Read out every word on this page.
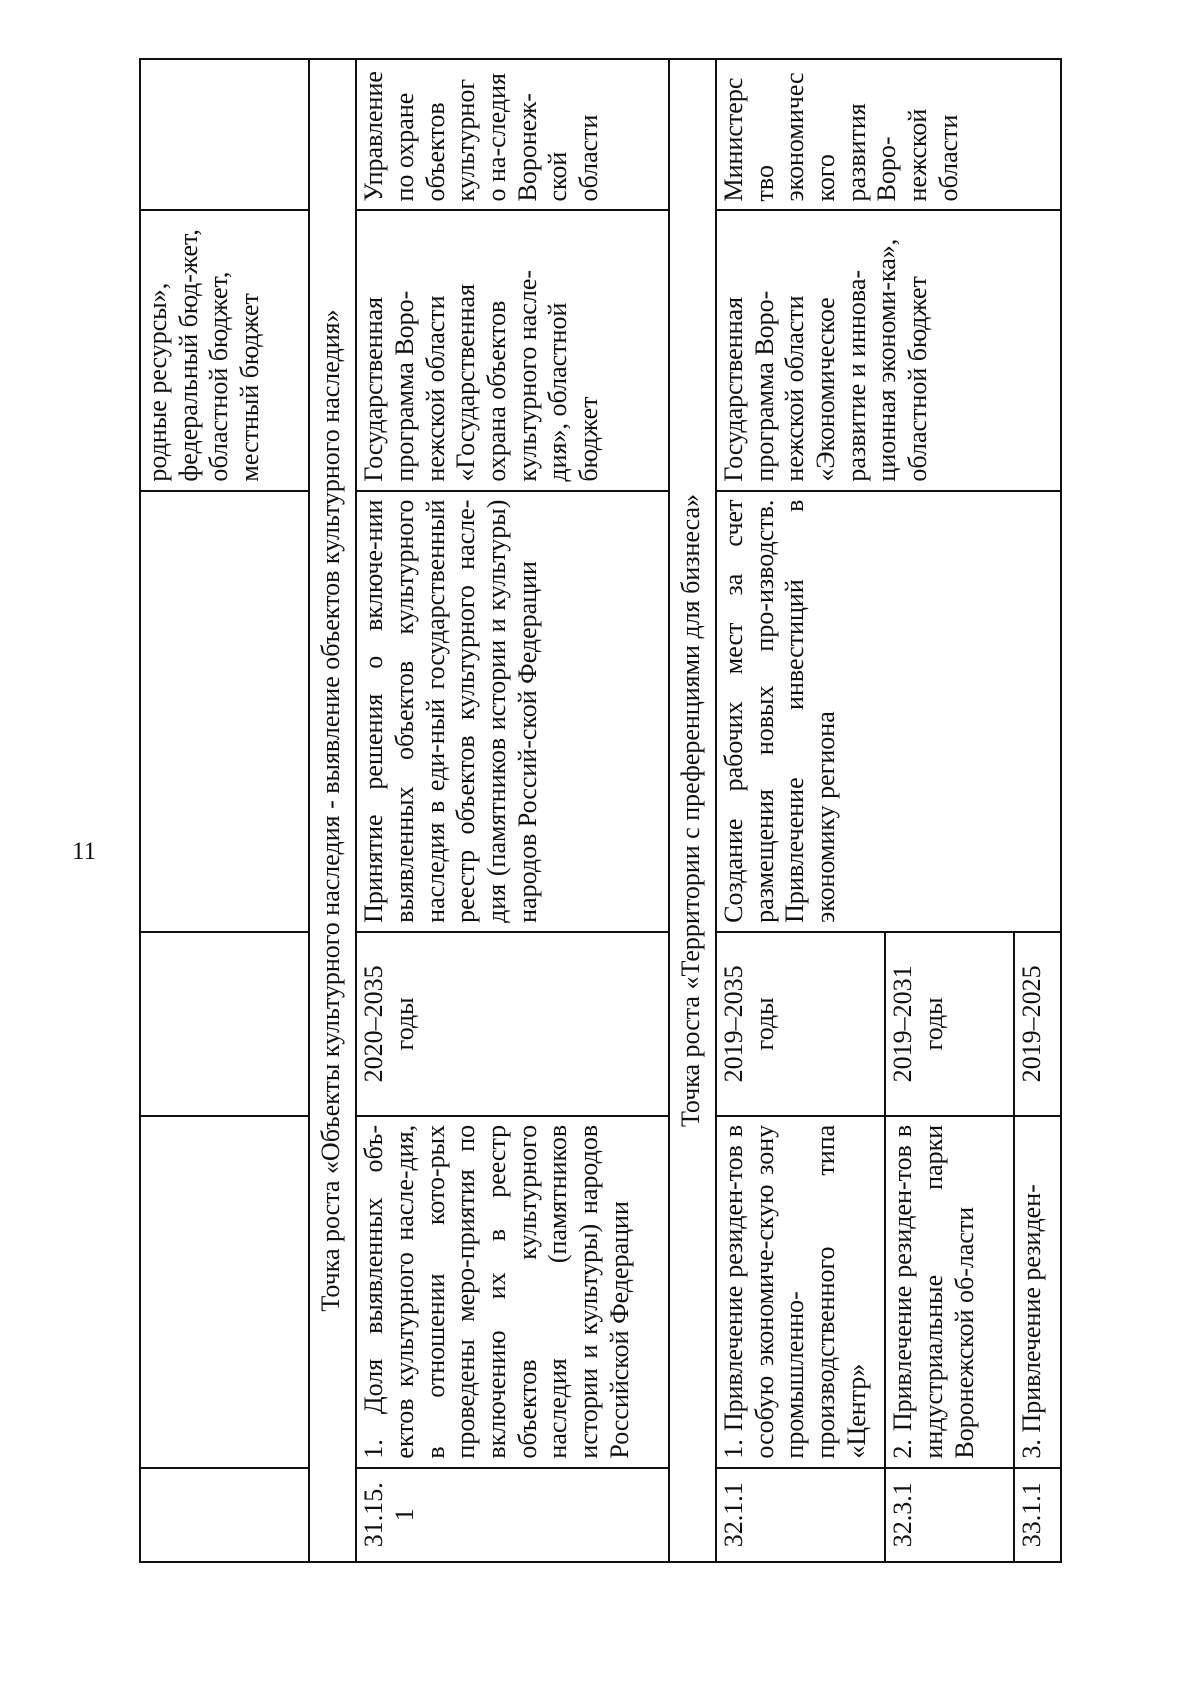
11
				родные ресурсы», федеральный бюд-жет, областной бюджет, местный бюджет	
Точка роста «Объекты культурного наследия - выявление объектов культурного наследия»					
31.15.1	1. Доля выявленных объ-ектов культурного насле-дия, в отношении кото-рых проведены меро-приятия по включению их в реестр объектов культурного наследия (памятников истории и культуры) народов Российской Федерации	2020–2035 годы	Принятие решения о включе-нии выявленных объектов культурного наследия в еди-ный государственный реестр объектов культурного насле-дия (памятников истории и культуры) народов Россий-ской Федерации	Государственная программа Воро-нежской области «Государственная охрана объектов культурного насле-дия», областной бюджет	Управление по охране объектов культурного на-следия Воронеж-ской области
Точка роста «Территории с преференциями для бизнеса»					
32.1.1	1. Привлечение резиден-тов в особую экономиче-скую зону промышленно-производственного типа «Центр»	2019–2035 годы	Создание рабочих мест за счет размещения новых про-изводств. Привлечение инвестиций в экономику региона	Государственная программа Воро-нежской области «Экономическое развитие и иннова-ционная экономи-ка», областной бюджет	Министерство экономического развития Воро-нежской области
32.3.1	2. Привлечение резиден-тов в индустриальные парки Воронежской об-ласти	2019–2031 годы			
33.1.1	3. Привлечение резиден-	2019–2025			
